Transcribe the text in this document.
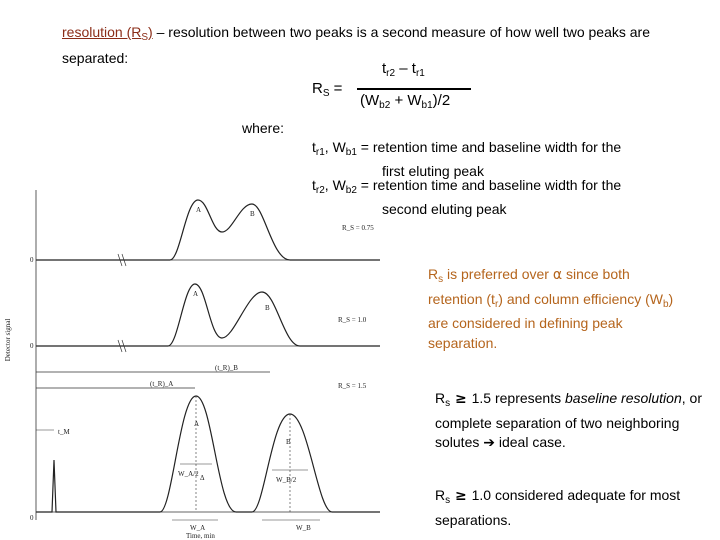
resolution $(R_S)$ – resolution between two peaks is a second measure of how well two peaks are separated:
$R_S$ =
$t_{r2} - t_{r1}$
$(W_{b2} + W_{b1})/2$
where:
$t_{r1}$, $W_{b1}$ = retention time and baseline width for the
first eluting peak
$t_{r2}$, $W_{b2}$ = retention time and baseline width for the
second eluting peak
$R_s$ is preferred over α since both retention $(t_r)$ and column efficiency $(W_b)$ are considered in defining peak separation.
$R_s \ge 1.5$ represents baseline resolution, or complete separation of two neighboring solutes ➔ ideal case.
$R_s \ge 1.0$ considered adequate for most separations.
Detector signal
0
A	B
R_S = 0.75
0
A
B
R_S = 1.0
(t_R)_B
(t_R)_A	R_S = 1.5
t_M
A
B
W_A/2
W_B/2
Δ
W_A	W_B
0
Time, min
